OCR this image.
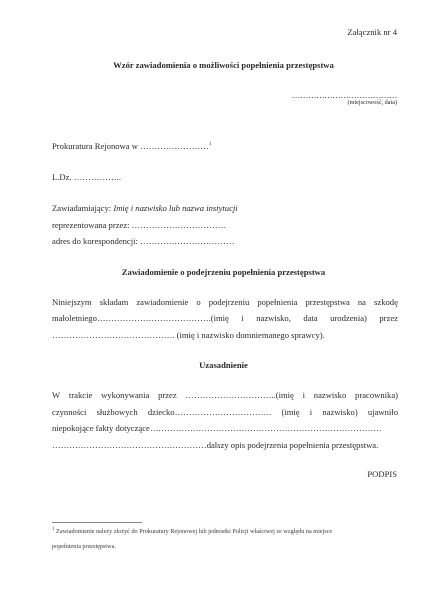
Załącznik nr 4
Wzór zawiadomienia o możliwości popełnienia przestępstwa
…………………………………
(miejscowość, data)
Prokuratura Rejonowa w ……………………$^1$
L.Dz. ……………..
Zawiadamiający: Imię i nazwisko lub nazwa instytucji
reprezentowana przez: ……………………………
adres do korespondencji: ……………………………
Zawiadomienie o podejrzeniu popełnienia przestępstwa
Niniejszym składam zawiadomienie o podejrzeniu popełnienia przestępstwa na szkodę
małoletniego………………………………….(imię i nazwisko, data urodzenia) przez
……………………………………. (imię i nazwisko domniemanego sprawcy).
Uzasadnienie
W trakcie wykonywania przez …………………………..(imię i nazwisko pracownika)
czynności służbowych dziecko……………………………. (imię i nazwisko) ujawniło
niepokojące fakty dotyczące………………………………………………………………………
………………………………………………dalszy opis podejrzenia popełnienia przestępstwa.
PODPIS
$^1$ Zawiadomienie należy złożyć do Prokuratury Rejonowej lub jednostki Policji właściwej ze względu na miejsce
popełnienia przestępstwa.
